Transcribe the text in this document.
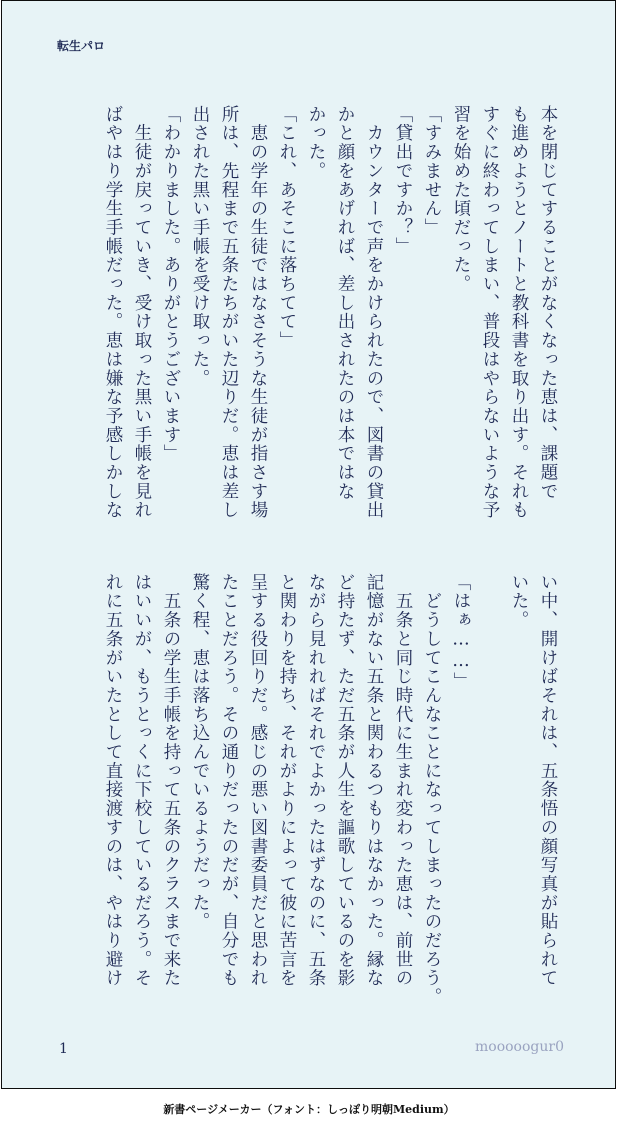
転生パロ
本を閉じてすることがなくなった恵は、課題で
も進めようとノートと教科書を取り出す。それも
すぐに終わってしまい、普段はやらないような予
習を始めた頃だった。
「すみません」
「貸出ですか？」
　カウンターで声をかけられたので、図書の貸出
かと顔をあげれば、差し出されたのは本ではな
かった。
「これ、あそこに落ちてて」
　恵の学年の生徒ではなさそうな生徒が指さす場
所は、先程まで五条たちがいた辺りだ。恵は差し
出された黒い手帳を受け取った。
「わかりました。ありがとうございます」
　生徒が戻っていき、受け取った黒い手帳を見れ
ばやはり学生手帳だった。恵は嫌な予感しかしな
い中、開けばそれは、五条悟の顔写真が貼られて
いた。
「はぁ……」
　どうしてこんなことになってしまったのだろう。
　五条と同じ時代に生まれ変わった恵は、前世の
記憶がない五条と関わるつもりはなかった。縁な
ど持たず、ただ五条が人生を謳歌しているのを影
ながら見れればそれでよかったはずなのに、五条
と関わりを持ち、それがよりによって彼に苦言を
呈する役回りだ。感じの悪い図書委員だと思われ
たことだろう。その通りだったのだが、自分でも
驚く程、恵は落ち込んでいるようだった。
　五条の学生手帳を持って五条のクラスまで来た
はいいが、もうとっくに下校しているだろう。そ
れに五条がいたとして直接渡すのは、やはり避け
1	mooooogur0
新書ページメーカー（フォント：しっぽり明朝Medium）
